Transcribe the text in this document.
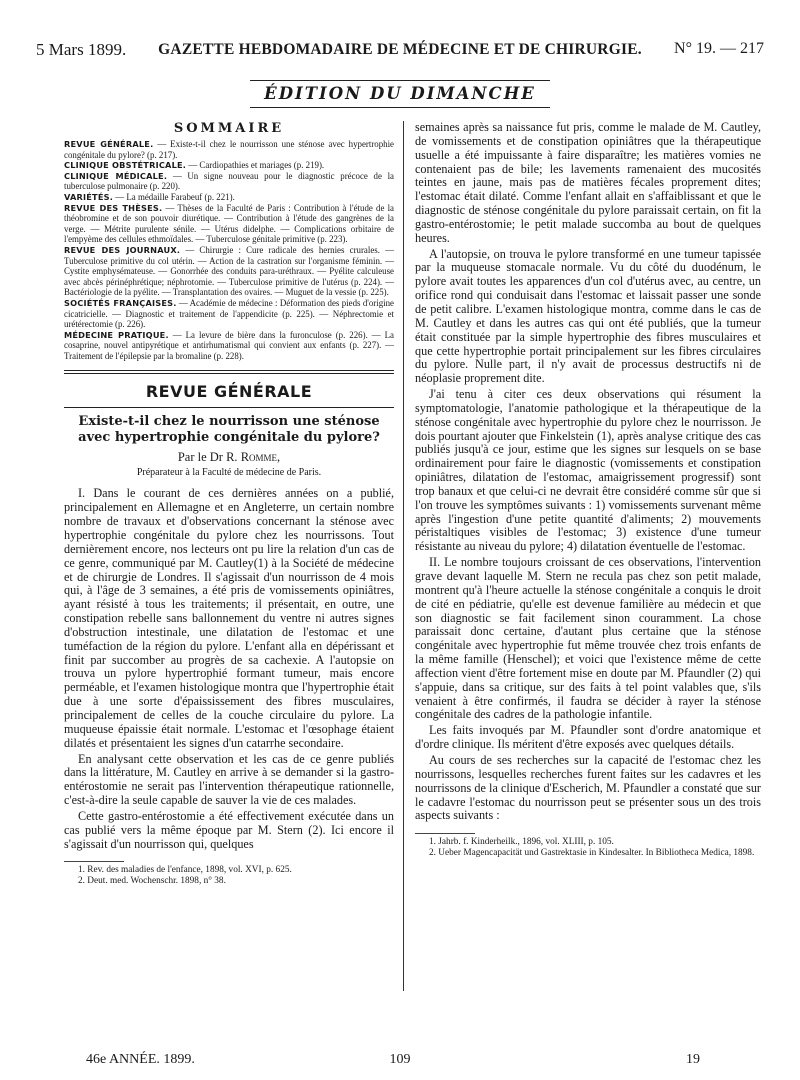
5 Mars 1899.	GAZETTE HEBDOMADAIRE DE MÉDECINE ET DE CHIRURGIE.	N° 19. — 217
ÉDITION DU DIMANCHE
SOMMAIRE
REVUE GÉNÉRALE. — Existe-t-il chez le nourrisson une sténose avec hypertrophie congénitale du pylore? (p. 217).
CLINIQUE OBSTÉTRICALE. — Cardiopathies et mariages (p. 219).
CLINIQUE MÉDICALE. — Un signe nouveau pour le diagnostic précoce de la tuberculose pulmonaire (p. 220).
VARIÉTÉS. — La médaille Farabeuf (p. 221).
REVUE DES THÈSES. — Thèses de la Faculté de Paris : Contribution à l'étude de la théobromine et de son pouvoir diurétique. — Contribution à l'étude des gangrènes de la verge. — Métrite purulente sénile. — Utérus didelphe. — Complications orbitaire de l'empyème des cellules ethmoïdales. — Tuberculose génitale primitive (p. 223).
REVUE DES JOURNAUX. — Chirurgie : Cure radicale des hernies crurales. — Tuberculose primitive du col utérin. — Action de la castration sur l'organisme féminin. — Cystite emphysémateuse. — Gonorrhée des conduits para-uréthraux. — Pyélite calculeuse avec abcès périnéphrétique; néphrotomie. — Tuberculose primitive de l'utérus (p. 224). — Bactériologie de la pyélite. — Transplantation des ovaires. — Muguet de la vessie (p. 225).
SOCIÉTÉS FRANÇAISES. — Académie de médecine : Déformation des pieds d'origine cicatricielle. — Diagnostic et traitement de l'appendicite (p. 225). — Néphrectomie et urétérectomie (p. 226).
MÉDECINE PRATIQUE. — La levure de bière dans la furonculose (p. 226). — La cosaprine, nouvel antipyrétique et antirhumatismal qui convient aux enfants (p. 227). — Traitement de l'épilepsie par la bromaline (p. 228).
REVUE GÉNÉRALE
Existe-t-il chez le nourrisson une sténose avec hypertrophie congénitale du pylore?
Par le Dr R. Romme,
Préparateur à la Faculté de médecine de Paris.

I. Dans le courant de ces dernières années on a publié, principalement en Allemagne et en Angleterre, un certain nombre nombre de travaux et d'observations concernant la sténose avec hypertrophie congénitale du pylore chez les nourrissons. Tout dernièrement encore, nos lecteurs ont pu lire la relation d'un cas de ce genre, communiqué par M. Cautley(1) à la Société de médecine et de chirurgie de Londres. Il s'agissait d'un nourrisson de 4 mois qui, à l'âge de 3 semaines, a été pris de vomissements opiniâtres, ayant résisté à tous les traitements; il présentait, en outre, une constipation rebelle sans ballonnement du ventre ni autres signes d'obstruction intestinale, une dilatation de l'estomac et une tuméfaction de la région du pylore. L'enfant alla en dépérissant et finit par succomber au progrès de sa cachexie. A l'autopsie on trouva un pylore hypertrophié formant tumeur, mais encore perméable, et l'examen histologique montra que l'hypertrophie était due à une sorte d'épaississement des fibres musculaires, principalement de celles de la couche circulaire du pylore. La muqueuse épaissie était normale. L'estomac et l'œsophage étaient dilatés et présentaient les signes d'un catarrhe secondaire.

En analysant cette observation et les cas de ce genre publiés dans la littérature, M. Cautley en arrive à se demander si la gastro-entérostomie ne serait pas l'intervention thérapeutique rationnelle, c'est-à-dire la seule capable de sauver la vie de ces malades.

Cette gastro-entérostomie a été effectivement exécutée dans un cas publié vers la même époque par M. Stern (2). Ici encore il s'agissait d'un nourrisson qui, quelques

1. Rev. des maladies de l'enfance, 1898, vol. XVI, p. 625.
2. Deut. med. Wochenschr. 1898, n° 38.

semaines après sa naissance fut pris, comme le malade de M. Cautley, de vomissements et de constipation opiniâtres que la thérapeutique usuelle a été impuissante à faire disparaître; les matières vomies ne contenaient pas de bile; les lavements ramenaient des mucosités teintes en jaune, mais pas de matières fécales proprement dites; l'estomac était dilaté. Comme l'enfant allait en s'affaiblissant et que le diagnostic de sténose congénitale du pylore paraissait certain, on fit la gastro-entérostomie; le petit malade succomba au bout de quelques heures.

A l'autopsie, on trouva le pylore transformé en une tumeur tapissée par la muqueuse stomacale normale. Vu du côté du duodénum, le pylore avait toutes les apparences d'un col d'utérus avec, au centre, un orifice rond qui conduisait dans l'estomac et laissait passer une sonde de petit calibre. L'examen histologique montra, comme dans le cas de M. Cautley et dans les autres cas qui ont été publiés, que la tumeur était constituée par la simple hypertrophie des fibres musculaires et que cette hypertrophie portait principalement sur les fibres circulaires du pylore. Nulle part, il n'y avait de processus destructifs ni de néoplasie proprement dite.

J'ai tenu à citer ces deux observations qui résument la symptomatologie, l'anatomie pathologique et la thérapeutique de la sténose congénitale avec hypertrophie du pylore chez le nourrisson. Je dois pourtant ajouter que Finkelstein (1), après analyse critique des cas publiés jusqu'à ce jour, estime que les signes sur lesquels on se base ordinairement pour faire le diagnostic (vomissements et constipation opiniâtres, dilatation de l'estomac, amaigrissement progressif) sont trop banaux et que celui-ci ne devrait être considéré comme sûr que si l'on trouve les symptômes suivants : 1) vomissements survenant même après l'ingestion d'une petite quantité d'aliments; 2) mouvements péristaltiques visibles de l'estomac; 3) existence d'une tumeur résistante au niveau du pylore; 4) dilatation éventuelle de l'estomac.

II. Le nombre toujours croissant de ces observations, l'intervention grave devant laquelle M. Stern ne recula pas chez son petit malade, montrent qu'à l'heure actuelle la sténose congénitale a conquis le droit de cité en pédiatrie, qu'elle est devenue familière au médecin et que son diagnostic se fait facilement sinon couramment. La chose paraissait donc certaine, d'autant plus certaine que la sténose congénitale avec hypertrophie fut même trouvée chez trois enfants de la même famille (Henschel); et voici que l'existence même de cette affection vient d'être fortement mise en doute par M. Pfaundler (2) qui s'appuie, dans sa critique, sur des faits à tel point valables que, s'ils venaient à être confirmés, il faudra se décider à rayer la sténose congénitale des cadres de la pathologie infantile.

Les faits invoqués par M. Pfaundler sont d'ordre anatomique et d'ordre clinique. Ils méritent d'être exposés avec quelques détails.

Au cours de ses recherches sur la capacité de l'estomac chez les nourrissons, lesquelles recherches furent faites sur les cadavres et les nourrissons de la clinique d'Escherich, M. Pfaundler a constaté que sur le cadavre l'estomac du nourrisson peut se présenter sous un des trois aspects suivants :

1. Jahrb. f. Kinderheilk., 1896, vol. XLIII, p. 105.
2. Ueber Magencapacität und Gastrektasie in Kindesalter. In Bibliotheca Medica, 1898.
46e ANNÉE. 1899.	109	19
